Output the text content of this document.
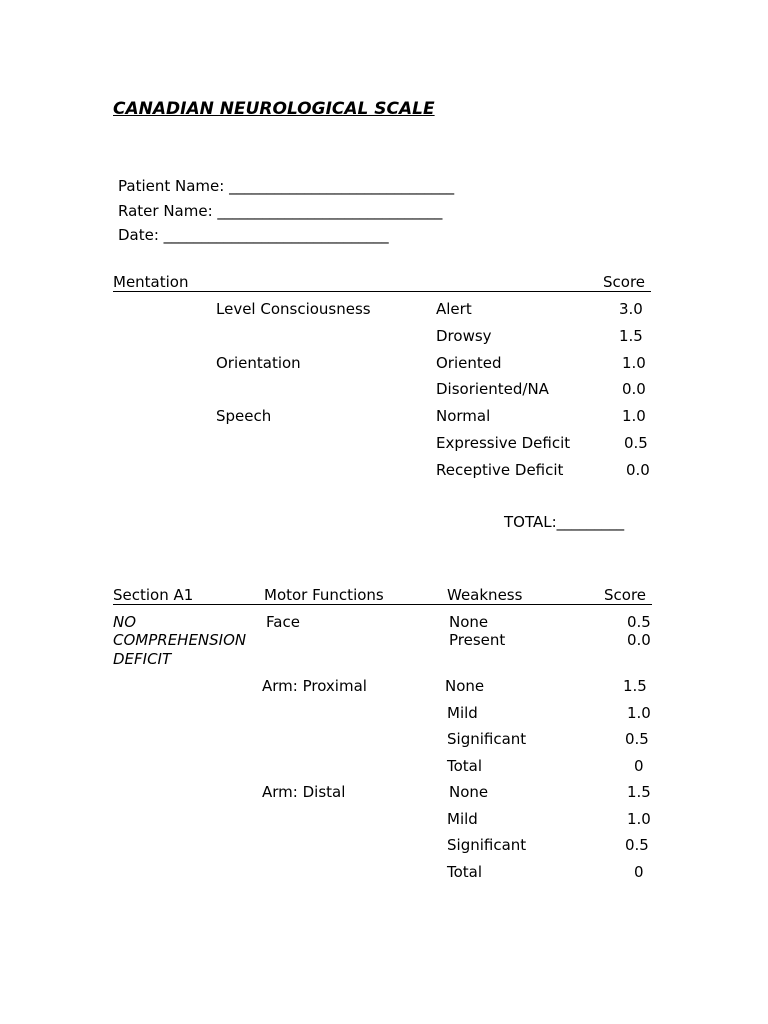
CANADIAN NEUROLOGICAL SCALE
Patient Name: ______________________________
Rater Name: ______________________________
Date: ______________________________
Mentation	Score
Level Consciousness	Alert	3.0
Drowsy	1.5
Orientation	Oriented	1.0
Disoriented/NA	0.0
Speech	Normal	1.0
Expressive Deficit	0.5
Receptive Deficit	0.0
TOTAL:_________
Section A1	Motor Functions	Weakness	Score
NO
COMPREHENSION
DEFICIT
Face	None	0.5
Present	0.0
Arm: Proximal	None	1.5
Mild	1.0
Significant	0.5
Total	0
Arm: Distal	None	1.5
Mild	1.0
Significant	0.5
Total	0
